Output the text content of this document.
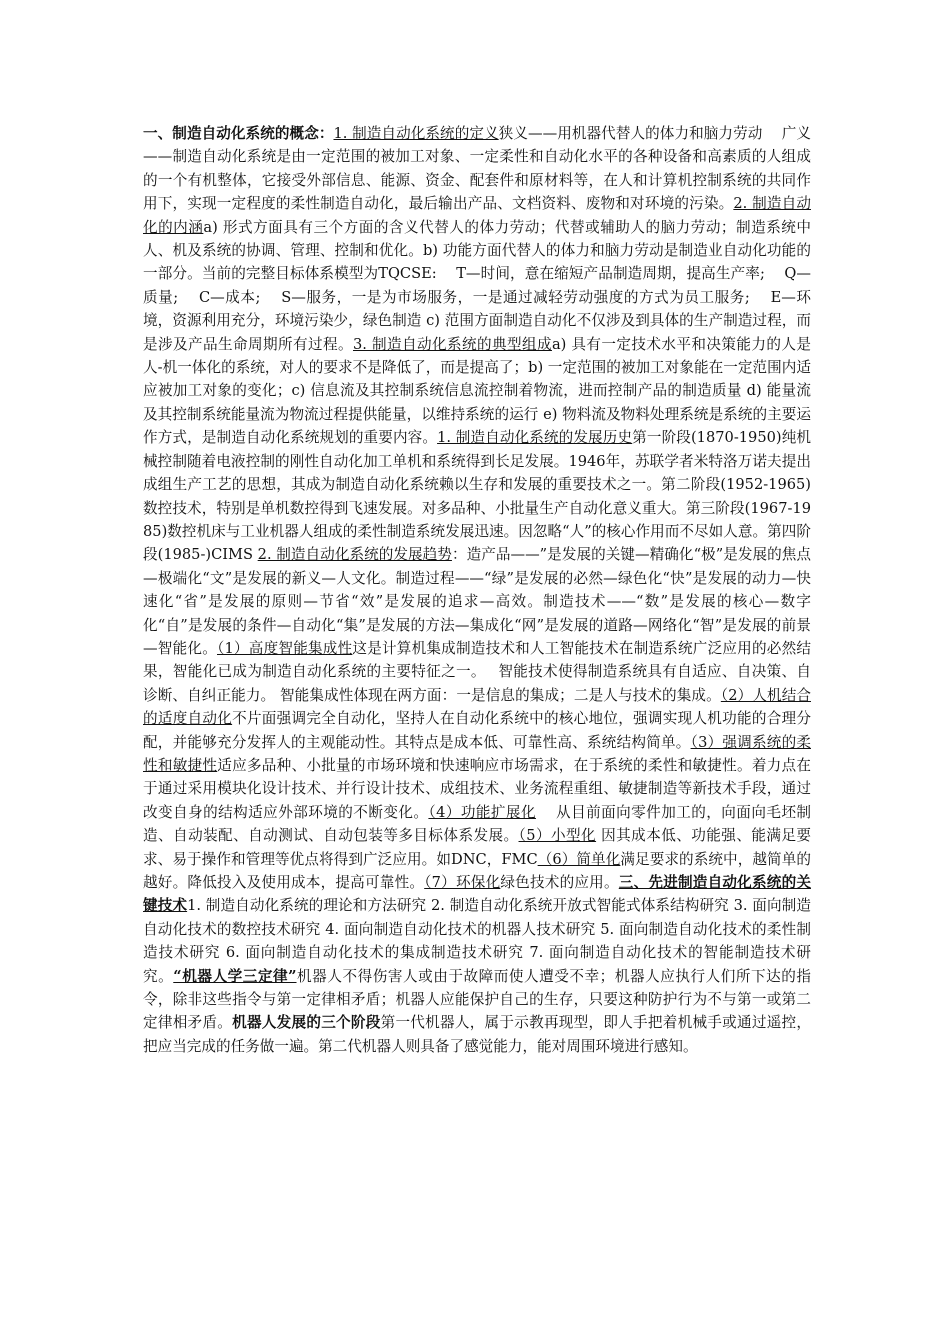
一、制造自动化系统的概念：1. 制造自动化系统的定义狭义——用机器代替人的体力和脑力劳动　 广义——制造自动化系统是由一定范围的被加工对象、一定柔性和自动化水平的各种设备和高素质的人组成的一个有机整体，它接受外部信息、能源、资金、配套件和原材料等，在人和计算机控制系统的共同作用下，实现一定程度的柔性制造自动化，最后输出产品、文档资料、废物和对环境的污染。2. 制造自动化的内涵a) 形式方面具有三个方面的含义代替人的体力劳动；代替或辅助人的脑力劳动；制造系统中人、机及系统的协调、管理、控制和优化。b) 功能方面代替人的体力和脑力劳动是制造业自动化功能的一部分。当前的完整目标体系模型为TQCSE:　 T—时间，意在缩短产品制造周期，提高生产率;　 Q—质量;　 C—成本;　 S—服务，一是为市场服务，一是通过减轻劳动强度的方式为员工服务;　 E—环境，资源利用充分，环境污染少，绿色制造 c) 范围方面制造自动化不仅涉及到具体的生产制造过程，而是涉及产品生命周期所有过程。3. 制造自动化系统的典型组成a) 具有一定技术水平和决策能力的人是人-机一体化的系统，对人的要求不是降低了，而是提高了；b) 一定范围的被加工对象能在一定范围内适应被加工对象的变化；c) 信息流及其控制系统信息流控制着物流，进而控制产品的制造质量 d) 能量流及其控制系统能量流为物流过程提供能量，以维持系统的运行 e) 物料流及物料处理系统是系统的主要运作方式，是制造自动化系统规划的重要内容。1. 制造自动化系统的发展历史第一阶段(1870-1950)纯机械控制随着电液控制的刚性自动化加工单机和系统得到长足发展。1946年，苏联学者米特洛万诺夫提出成组生产工艺的思想，其成为制造自动化系统赖以生存和发展的重要技术之一。第二阶段(1952-1965)数控技术，特别是单机数控得到飞速发展。对多品种、小批量生产自动化意义重大。第三阶段(1967-1985)数控机床与工业机器人组成的柔性制造系统发展迅速。因忽略“人”的核心作用而不尽如人意。第四阶段(1985-)CIMS 2. 制造自动化系统的发展趋势：造产品——”是发展的关键—精确化“极”是发展的焦点—极端化“文”是发展的新义—人文化。制造过程——“绿”是发展的必然—绿色化“快”是发展的动力—快速化“省”是发展的原则—节省“效”是发展的追求—高效。制造技术——“数”是发展的核心—数字化“自”是发展的条件—自动化“集”是发展的方法—集成化“网”是发展的道路—网络化“智”是发展的前景—智能化。（1）高度智能集成性这是计算机集成制造技术和人工智能技术在制造系统广泛应用的必然结果，智能化已成为制造自动化系统的主要特征之一。　 智能技术使得制造系统具有自适应、自决策、自诊断、自纠正能力。 智能集成性体现在两方面：一是信息的集成；二是人与技术的集成。（2）人机结合的适度自动化不片面强调完全自动化，坚持人在自动化系统中的核心地位，强调实现人机功能的合理分配，并能够充分发挥人的主观能动性。其特点是成本低、可靠性高、系统结构简单。（3）强调系统的柔性和敏捷性适应多品种、小批量的市场环境和快速响应市场需求，在于系统的柔性和敏捷性。着力点在于通过采用模块化设计技术、并行设计技术、成组技术、业务流程重组、敏捷制造等新技术手段，通过改变自身的结构适应外部环境的不断变化。（4）功能扩展化　 从目前面向零件加工的，向面向毛坯制造、自动装配、自动测试、自动包装等多目标体系发展。（5）小型化 因其成本低、功能强、能满足要求、易于操作和管理等优点将得到广泛应用。如DNC，FMC（6）简单化满足要求的系统中，越简单的越好。降低投入及使用成本，提高可靠性。（7）环保化绿色技术的应用。三、先进制造自动化系统的关键技术1. 制造自动化系统的理论和方法研究 2. 制造自动化系统开放式智能式体系结构研究 3. 面向制造自动化技术的数控技术研究 4. 面向制造自动化技术的机器人技术研究 5. 面向制造自动化技术的柔性制造技术研究 6. 面向制造自动化技术的集成制造技术研究 7. 面向制造自动化技术的智能制造技术研究。“机器人学三定律”机器人不得伤害人或由于故障而使人遭受不幸；机器人应执行人们所下达的指令，除非这些指令与第一定律相矛盾；机器人应能保护自己的生存，只要这种防护行为不与第一或第二定律相矛盾。机器人发展的三个阶段第一代机器人，属于示教再现型，即人手把着机械手或通过遥控，把应当完成的任务做一遍。第二代机器人则具备了感觉能力，能对周围环境进行感知。
